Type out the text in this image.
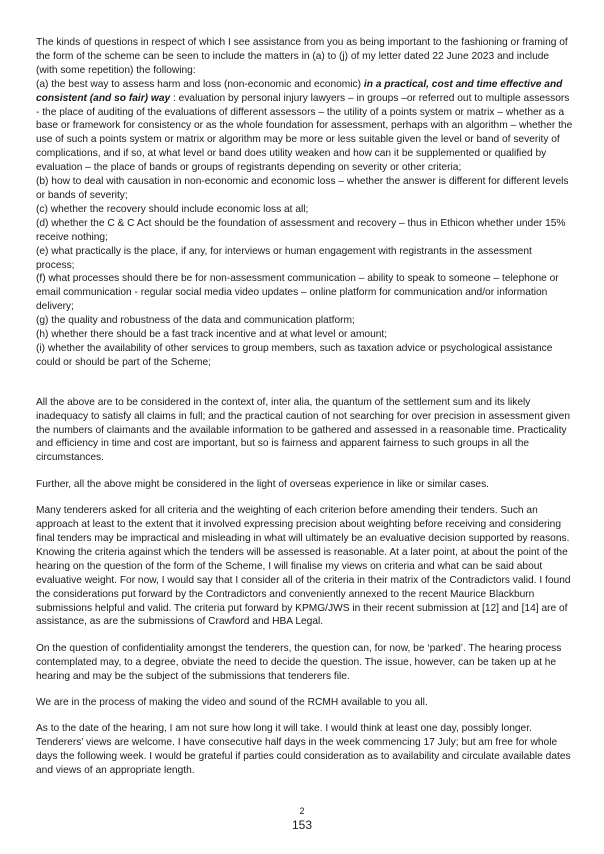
The kinds of questions in respect of which I see assistance from you as being important to the fashioning or framing of the form of the scheme can be seen to include the matters in (a) to (j) of my letter dated 22 June 2023 and include (with some repetition) the following:
(a) the best way to assess harm and loss (non-economic and economic) in a practical, cost and time effective and consistent (and so fair) way : evaluation by personal injury lawyers – in groups –or referred out to multiple assessors - the place of auditing of the evaluations of different assessors – the utility of a points system or matrix – whether as a base or framework for consistency or as the whole foundation for assessment, perhaps with an algorithm – whether the use of such a points system or matrix or algorithm may be more or less suitable given the level or band of severity of complications, and if so, at what level or band does utility weaken and how can it be supplemented or qualified by evaluation – the place of bands or groups of registrants depending on severity or other criteria;
(b) how to deal with causation in non-economic and economic loss – whether the answer is different for different levels or bands of severity;
(c) whether the recovery should include economic loss at all;
(d) whether the C & C Act should be the foundation of assessment and recovery – thus in Ethicon whether under 15% receive nothing;
(e) what practically is the place, if any, for interviews or human engagement with registrants in the assessment process;
(f) what processes should there be for non-assessment communication – ability to speak to someone – telephone or email communication - regular social media video updates – online platform for communication and/or information delivery;
(g) the quality and robustness of the data and communication platform;
(h) whether there should be a fast track incentive and at what level or amount;
(i) whether the availability of other services to group members, such as taxation advice or psychological assistance could or should be part of the Scheme;

All the above are to be considered in the context of, inter alia, the quantum of the settlement sum and its likely inadequacy to satisfy all claims in full; and the practical caution of not searching for over precision in assessment given the numbers of claimants and the available information to be gathered and assessed in a reasonable time. Practicality and efficiency in time and cost are important, but so is fairness and apparent fairness to such groups in all the circumstances.

Further, all the above might be considered in the light of overseas experience in like or similar cases.

Many tenderers asked for all criteria and the weighting of each criterion before amending their tenders. Such an approach at least to the extent that it involved expressing precision about weighting before receiving and considering final tenders may be impractical and misleading in what will ultimately be an evaluative decision supported by reasons. Knowing the criteria against which the tenders will be assessed is reasonable. At a later point, at about the point of the hearing on the question of the form of the Scheme, I will finalise my views on criteria and what can be said about evaluative weight. For now, I would say that I consider all of the criteria in their matrix of the Contradictors valid. I found the considerations put forward by the Contradictors and conveniently annexed to the recent Maurice Blackburn submissions helpful and valid. The criteria put forward by KPMG/JWS in their recent submission at [12] and [14] are of assistance, as are the submissions of Crawford and HBA Legal.

On the question of confidentiality amongst the tenderers, the question can, for now, be ‘parked’. The hearing process contemplated may, to a degree, obviate the need to decide the question. The issue, however, can be taken up at he hearing and may be the subject of the submissions that tenderers file.

We are in the process of making the video and sound of the RCMH available to you all.

As to the date of the hearing, I am not sure how long it will take. I would think at least one day, possibly longer. Tenderers’ views are welcome. I have consecutive half days in the week commencing 17 July; but am free for whole days the following week. I would be grateful if parties could consideration as to availability and circulate available dates and views of an appropriate length.

2
153
